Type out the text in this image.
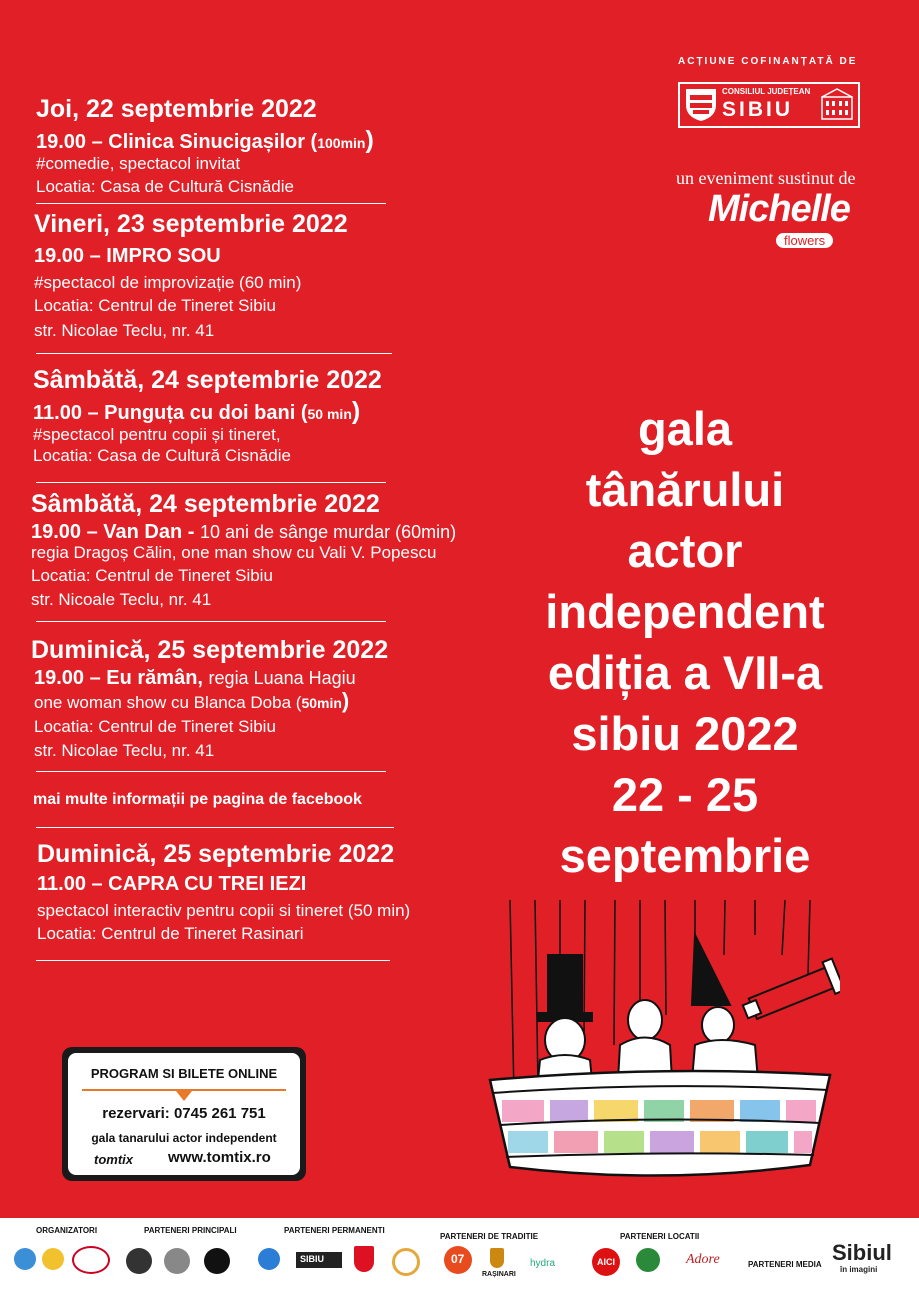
ACȚIUNE COFINANȚATĂ DE
CONSILIUL JUDEȚEAN
SIBIU
un eveniment sustinut de
Michelle
flowers
Joi, 22 septembrie 2022
19.00 – Clinica Sinucigașilor (100min)
#comedie, spectacol invitat
Locatia: Casa de Cultură Cisnădie
Vineri, 23 septembrie 2022
19.00 – IMPRO SOU
#spectacol de improvizație (60 min)
Locatia: Centrul de Tineret Sibiu
str. Nicolae Teclu, nr. 41
Sâmbătă, 24 septembrie 2022
11.00 – Punguța cu doi bani (50 min)
#spectacol pentru copii și tineret,
Locatia: Casa de Cultură Cisnădie
Sâmbătă, 24 septembrie 2022
19.00 – Van Dan - 10 ani de sânge murdar (60min)
regia Dragoș Călin, one man show cu Vali V. Popescu
Locatia: Centrul de Tineret Sibiu
str. Nicoale Teclu, nr. 41
Duminică, 25 septembrie 2022
19.00 – Eu rămân, regia Luana Hagiu
one woman show cu Blanca Doba (50min)
Locatia: Centrul de Tineret Sibiu
str. Nicolae Teclu, nr. 41
mai multe informații pe pagina de facebook
Duminică, 25 septembrie 2022
11.00 – CAPRA CU TREI IEZI
spectacol interactiv pentru copii si tineret (50 min)
Locatia: Centrul de Tineret Rasinari
gala
tânărului
actor
independent
ediția a VII-a
sibiu 2022
22 - 25
septembrie
PROGRAM SI BILETE ONLINE
rezervari: 0745 261 751
gala tanarului actor independent
tomtix www.tomtix.ro
ORGANIZATORI	PARTENERI PRINCIPALI	PARTENERI PERMANENTI
PARTENERI DE TRADITIE	PARTENERI LOCATII
PARTENERI MEDIA
SIBIU	07
RAȘINARI
hydra	AICI	Adore	Sibiul
în imagini
